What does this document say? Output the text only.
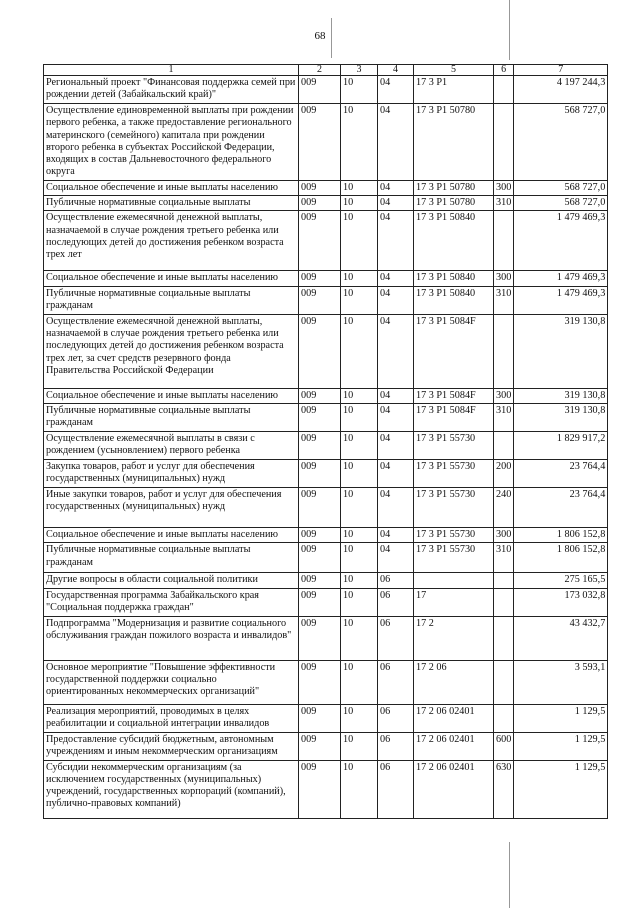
68
1	2	3	4	5	6	7
Региональный проект "Финансовая поддержка семей при рождении детей (Забайкальский край)"	009	10	04	17 3 P1		4 197 244,3
Осуществление единовременной выплаты при рождении первого ребенка, а также предоставление регионального материнского (семейного) капитала при рождении второго ребенка в субъектах Российской Федерации, входящих в состав Дальневосточного федерального округа	009	10	04	17 3 P1 50780		568 727,0
Социальное обеспечение и иные выплаты населению	009	10	04	17 3 P1 50780	300	568 727,0
Публичные нормативные социальные выплаты	009	10	04	17 3 P1 50780	310	568 727,0
Осуществление ежемесячной денежной выплаты, назначаемой в случае рождения третьего ребенка или последующих детей до достижения ребенком возраста трех лет	009	10	04	17 3 P1 50840		1 479 469,3
Социальное обеспечение и иные выплаты населению	009	10	04	17 3 P1 50840	300	1 479 469,3
Публичные нормативные социальные выплаты гражданам	009	10	04	17 3 P1 50840	310	1 479 469,3
Осуществление ежемесячной денежной выплаты, назначаемой в случае рождения третьего ребенка или последующих детей до достижения ребенком возраста трех лет, за счет средств резервного фонда Правительства Российской Федерации	009	10	04	17 3 P1 5084F		319 130,8
Социальное обеспечение и иные выплаты населению	009	10	04	17 3 P1 5084F	300	319 130,8
Публичные нормативные социальные выплаты гражданам	009	10	04	17 3 P1 5084F	310	319 130,8
Осуществление ежемесячной выплаты в связи с рождением (усыновлением) первого ребенка	009	10	04	17 3 P1 55730		1 829 917,2
Закупка товаров, работ и услуг для обеспечения государственных (муниципальных) нужд	009	10	04	17 3 P1 55730	200	23 764,4
Иные закупки товаров, работ и услуг для обеспечения государственных (муниципальных) нужд	009	10	04	17 3 P1 55730	240	23 764,4
Социальное обеспечение и иные выплаты населению	009	10	04	17 3 P1 55730	300	1 806 152,8
Публичные нормативные социальные выплаты гражданам	009	10	04	17 3 P1 55730	310	1 806 152,8
Другие вопросы в области социальной политики	009	10	06			275 165,5
Государственная программа Забайкальского края "Социальная поддержка граждан"	009	10	06	17		173 032,8
Подпрограмма "Модернизация и развитие социального обслуживания граждан пожилого возраста и инвалидов"	009	10	06	17 2		43 432,7
Основное мероприятие "Повышение эффективности государственной поддержки социально ориентированных некоммерческих организаций"	009	10	06	17 2 06		3 593,1
Реализация мероприятий, проводимых в целях реабилитации и социальной интеграции инвалидов	009	10	06	17 2 06 02401		1 129,5
Предоставление субсидий бюджетным, автономным учреждениям и иным некоммерческим организациям	009	10	06	17 2 06 02401	600	1 129,5
Субсидии некоммерческим организациям (за исключением государственных (муниципальных) учреждений, государственных корпораций (компаний), публично-правовых компаний)	009	10	06	17 2 06 02401	630	1 129,5
